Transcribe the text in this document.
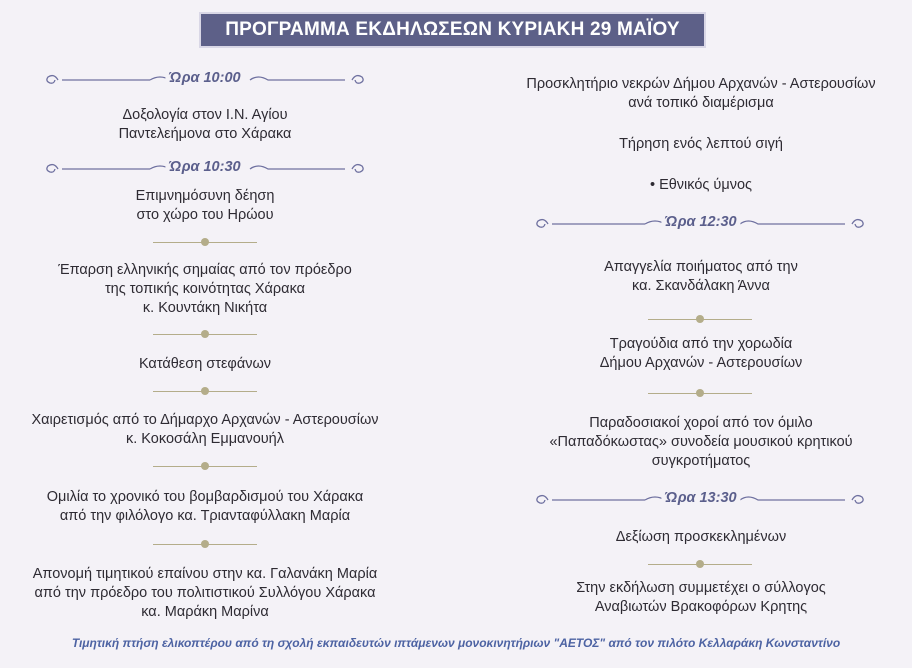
ΠΡΟΓΡΑΜΜΑ ΕΚΔΗΛΩΣΕΩΝ ΚΥΡΙΑΚΗ 29 ΜΑΪΟΥ
Ώρα 10:00
Δοξολογία στον Ι.Ν. Αγίου
Παντελεήμονα στο Χάρακα
Ώρα 10:30
Επιμνημόσυνη δέηση
στο χώρο του Ηρώου
Έπαρση ελληνικής σημαίας από τον πρόεδρο
της τοπικής κοινότητας Χάρακα
κ. Κουντάκη Νικήτα
Κατάθεση στεφάνων
Χαιρετισμός από το Δήμαρχο Αρχανών - Αστερουσίων
κ. Κοκοσάλη Εμμανουήλ
Ομιλία το χρονικό του βομβαρδισμού του Χάρακα
από την φιλόλογο κα. Τριανταφύλλακη Μαρία
Απονομή τιμητικού επαίνου στην κα. Γαλανάκη Μαρία
από την πρόεδρο του πολιτιστικού Συλλόγου Χάρακα
κα. Μαράκη Μαρίνα
Προσκλητήριο νεκρών Δήμου Αρχανών - Αστερουσίων
ανά τοπικό διαμέρισμα
Τήρηση ενός λεπτού σιγή
• Εθνικός ύμνος
Ώρα 12:30
Απαγγελία ποιήματος από την
κα. Σκανδάλακη Άννα
Τραγούδια από την χορωδία
Δήμου Αρχανών - Αστερουσίων
Παραδοσιακοί χοροί από τον όμιλο
«Παπαδόκωστας» συνοδεία μουσικού κρητικού
συγκροτήματος
Ώρα 13:30
Δεξίωση προσκεκλημένων
Στην εκδήλωση συμμετέχει ο σύλλογος
Αναβιωτών Βρακοφόρων Κρητης
Τιμητική πτήση ελικοπτέρου από τη σχολή εκπαιδευτών ιπτάμενων μονοκινητήριων "ΑΕΤΟΣ" από τον πιλότο Κελλαράκη Κωνσταντίνο
